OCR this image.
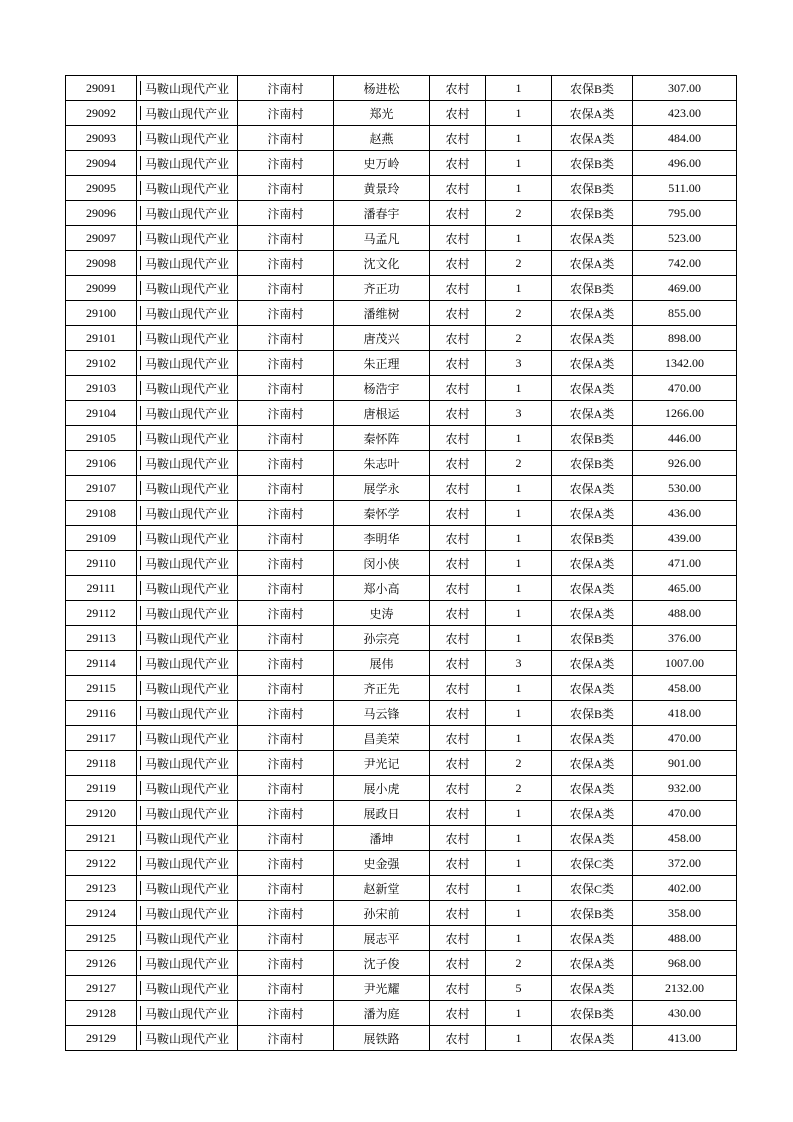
29091	马鞍山现代产业	汴南村	杨进松	农村	1	农保B类	307.00
29092	马鞍山现代产业	汴南村	郑光	农村	1	农保A类	423.00
29093	马鞍山现代产业	汴南村	赵燕	农村	1	农保A类	484.00
29094	马鞍山现代产业	汴南村	史万岭	农村	1	农保B类	496.00
29095	马鞍山现代产业	汴南村	黄景玲	农村	1	农保B类	511.00
29096	马鞍山现代产业	汴南村	潘春宇	农村	2	农保B类	795.00
29097	马鞍山现代产业	汴南村	马孟凡	农村	1	农保A类	523.00
29098	马鞍山现代产业	汴南村	沈文化	农村	2	农保A类	742.00
29099	马鞍山现代产业	汴南村	齐正功	农村	1	农保B类	469.00
29100	马鞍山现代产业	汴南村	潘维树	农村	2	农保A类	855.00
29101	马鞍山现代产业	汴南村	唐茂兴	农村	2	农保A类	898.00
29102	马鞍山现代产业	汴南村	朱正理	农村	3	农保A类	1342.00
29103	马鞍山现代产业	汴南村	杨浩宇	农村	1	农保A类	470.00
29104	马鞍山现代产业	汴南村	唐根运	农村	3	农保A类	1266.00
29105	马鞍山现代产业	汴南村	秦怀阵	农村	1	农保B类	446.00
29106	马鞍山现代产业	汴南村	朱志叶	农村	2	农保B类	926.00
29107	马鞍山现代产业	汴南村	展学永	农村	1	农保A类	530.00
29108	马鞍山现代产业	汴南村	秦怀学	农村	1	农保A类	436.00
29109	马鞍山现代产业	汴南村	李明华	农村	1	农保B类	439.00
29110	马鞍山现代产业	汴南村	闵小侠	农村	1	农保A类	471.00
29111	马鞍山现代产业	汴南村	郑小高	农村	1	农保A类	465.00
29112	马鞍山现代产业	汴南村	史涛	农村	1	农保A类	488.00
29113	马鞍山现代产业	汴南村	孙宗亮	农村	1	农保B类	376.00
29114	马鞍山现代产业	汴南村	展伟	农村	3	农保A类	1007.00
29115	马鞍山现代产业	汴南村	齐正先	农村	1	农保A类	458.00
29116	马鞍山现代产业	汴南村	马云锋	农村	1	农保B类	418.00
29117	马鞍山现代产业	汴南村	昌美荣	农村	1	农保A类	470.00
29118	马鞍山现代产业	汴南村	尹光记	农村	2	农保A类	901.00
29119	马鞍山现代产业	汴南村	展小虎	农村	2	农保A类	932.00
29120	马鞍山现代产业	汴南村	展政日	农村	1	农保A类	470.00
29121	马鞍山现代产业	汴南村	潘坤	农村	1	农保A类	458.00
29122	马鞍山现代产业	汴南村	史金强	农村	1	农保C类	372.00
29123	马鞍山现代产业	汴南村	赵新堂	农村	1	农保C类	402.00
29124	马鞍山现代产业	汴南村	孙宋前	农村	1	农保B类	358.00
29125	马鞍山现代产业	汴南村	展志平	农村	1	农保A类	488.00
29126	马鞍山现代产业	汴南村	沈子俊	农村	2	农保A类	968.00
29127	马鞍山现代产业	汴南村	尹光耀	农村	5	农保A类	2132.00
29128	马鞍山现代产业	汴南村	潘为庭	农村	1	农保B类	430.00
29129	马鞍山现代产业	汴南村	展铁路	农村	1	农保A类	413.00
